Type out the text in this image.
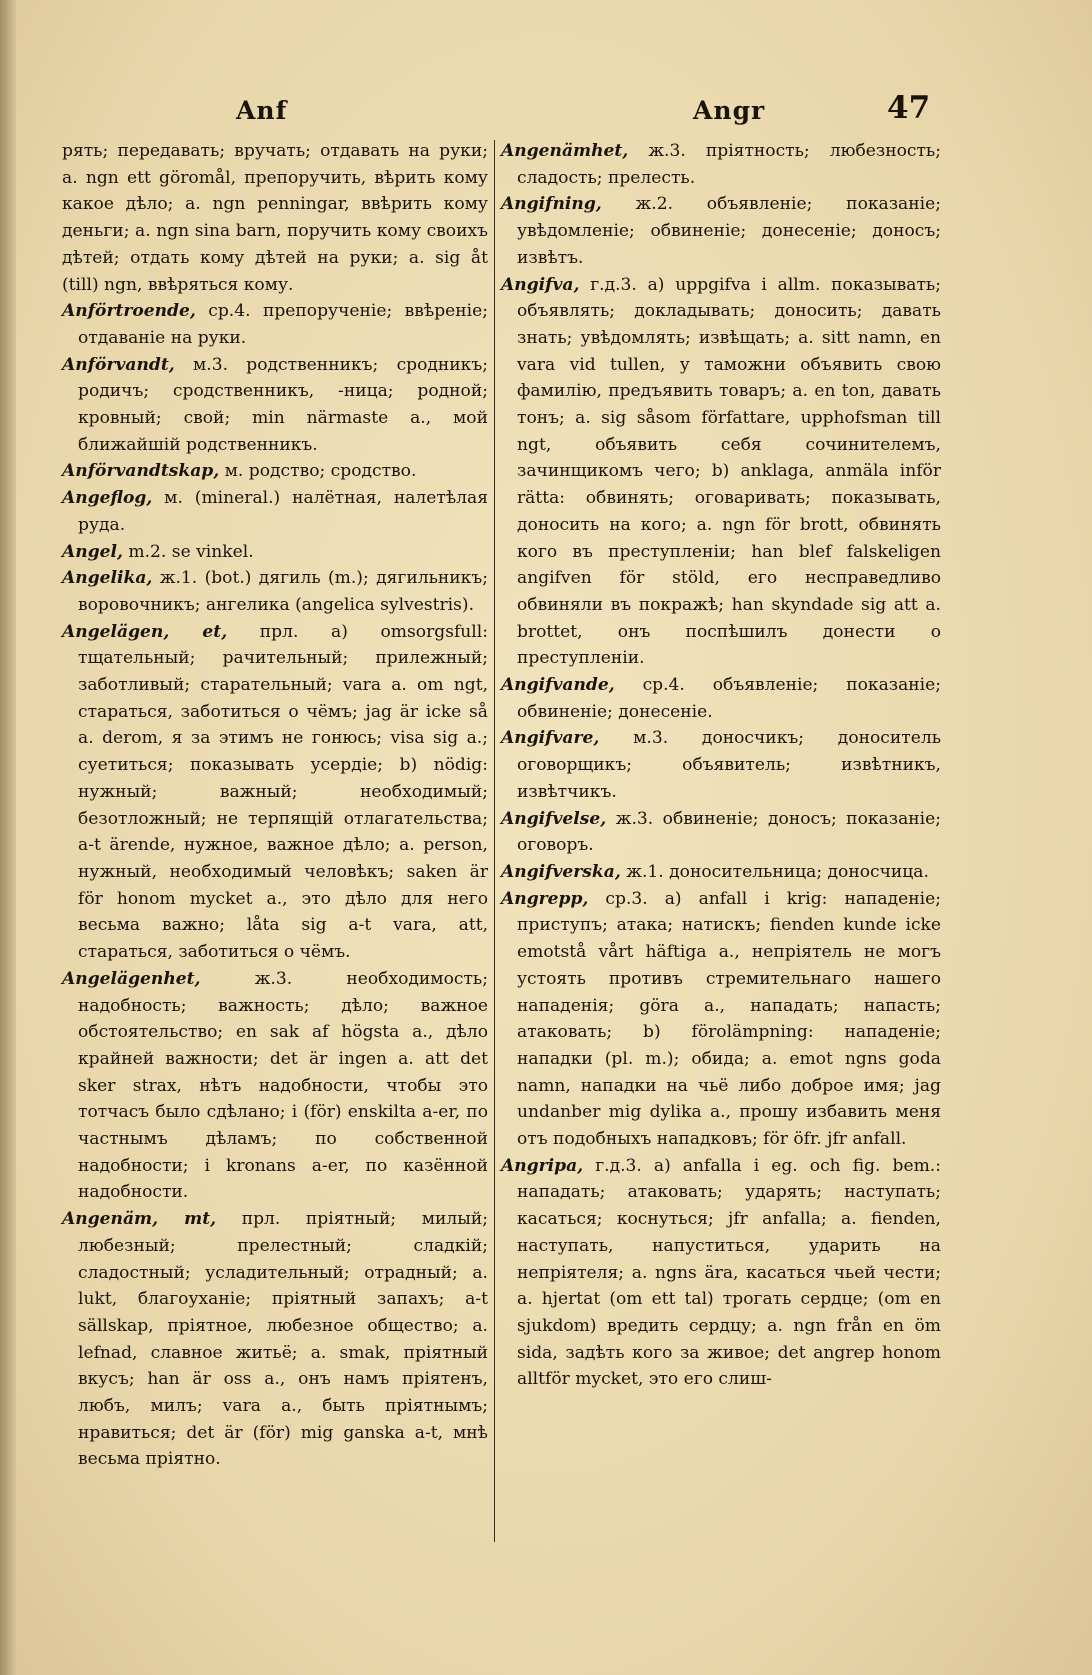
Anf	Angr	47

рять; передавать; вручать; отдавать на руки; a. ngn ett göromål, препоручить, вѣрить кому какое дѣло; a. ngn penningar, ввѣрить кому деньги; a. ngn sina barn, поручить кому своихъ дѣтей; отдать кому дѣтей на руки; a. sig åt (till) ngn, ввѣряться кому.

Anförtroende, ср.4. препорученіе; ввѣреніе; отдаваніе на руки.

Anförvandt, м.3. родственникъ; сродникъ; родичъ; сродственникъ, -ница; родной; кровный; свой; min närmaste a., мой ближайшій родственникъ.

Anförvandtskap, м. родство; сродство.

Angeflog, м. (mineral.) налётная, налетѣлая руда.

Angel, m.2. se vinkel.

Angelika, ж.1. (bot.) дягиль (m.); дягильникъ; воровочникъ; ангелика (angelica sylvestris).

Angelägen, et, прл. a) omsorgsfull: тщательный; рачительный; прилежный; заботливый; старательный; vara a. om ngt, стараться, заботиться о чёмъ; jag är icke så a. derom, я за этимъ не гонюсь; visa sig a.; суетиться; показывать усердіе; b) nödig: нужный; важный; необходимый; безотложный; не терпящій отлагательства; a-t ärende, нужное, важное дѣло; a. person, нужный, необходимый человѣкъ; saken är för honom mycket a., это дѣло для него весьма важно; låta sig a-t vara, att, стараться, заботиться о чёмъ.

Angelägenhet,	ж.3. необходимость; надобность; важность; дѣло; важное обстоятельство; en sak af högsta a., дѣло крайней важности; det är ingen a. att det sker strax, нѣтъ надобности, чтобы это тотчасъ было сдѣлано; i (för) enskilta a-er, по частнымъ дѣламъ; по собственной надобности; i kronans a-er, по казённой надобности.

Angenäm, mt, прл. пріятный; милый; любезный; прелестный; сладкій; сладостный; усладительный; отрадный; a. lukt, благоуханіе; пріятный запахъ; a-t sällskap, пріятное, любезное общество; a. lefnad, славное житьё; a. smak, пріятный вкусъ; han är oss a., онъ намъ пріятенъ, любъ, милъ; vara a., быть пріятнымъ; нравиться; det är (för) mig ganska a-t, мнѣ весьма пріятно.

Angenämhet, ж.3. пріятность; любезность; сладость; прелесть.

Angifning, ж.2. объявленіе; показаніе; увѣдомленіе; обвиненіе; донесеніе; доносъ; извѣтъ.

Angifva, г.д.3. a) uppgifva i allm. показывать; объявлять; докладывать; доносить; давать знать; увѣдомлять; извѣщать; a. sitt namn, en vara vid tullen, у таможни объявить свою фамилію, предъявить товаръ; a. en ton, давать тонъ; a. sig såsom författare, upphofsman till ngt, объявить себя сочинителемъ, зачинщикомъ чего; b) anklaga, anmäla inför rätta: обвинять; оговаривать; показывать, доносить на кого; a. ngn för brott, обвинять кого въ преступленіи; han blef falskeligen angifven för stöld, его несправедливо обвиняли въ покражѣ; han skyndade sig att a. brottet, онъ поспѣшилъ донести о преступленіи.

Angifvande, ср.4. объявленіе; показаніе; обвиненіе; донесеніе.

Angifvare, м.3. доносчикъ; доноситель оговорщикъ; объявитель; извѣтникъ, извѣтчикъ.

Angifvelse, ж.3. обвиненіе; доносъ; показаніе; оговоръ.

Angifverska, ж.1. доносительница; доносчица.

Angrepp, ср.3. a) anfall i krig: нападеніе; приступъ; атака; натискъ; fienden kunde icke emotstå vårt häftiga a., непріятель не могъ устоять противъ стремительнаго нашего нападенія; göra a., нападать; напасть; атаковать; b) förolämpning: нападеніе; нападки (pl. m.); обида; a. emot ngns goda namn, нападки на чьё либо доброе имя; jag undanber mig dylika a., прошу избавить меня отъ подобныхъ нападковъ; för öfr. jfr anfall.

Angripa, г.д.3. a) anfalla i eg. och fig. bem.: нападать; атаковать; ударять; наступать; касаться; коснуться; jfr anfalla; a. fienden, наступать, напуститься, ударить на непріятеля; a. ngns ära, касаться чьей чести; a. hjertat (om ett tal) трогать сердце; (om en sjukdom) вредить сердцу; a. ngn från en öm sida, задѣть кого за живое; det angrep honom alltför mycket, это его слиш-
